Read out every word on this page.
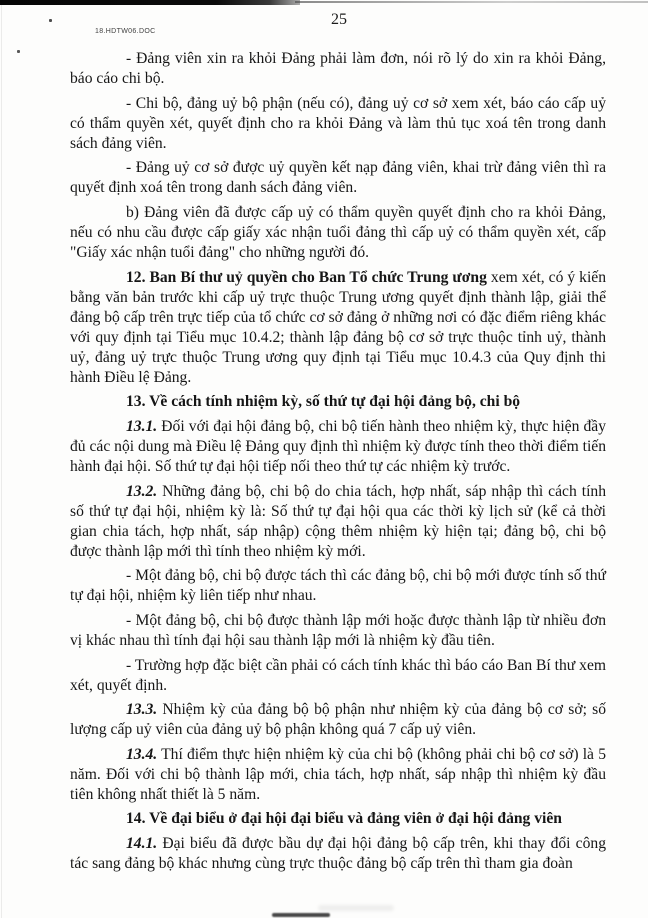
18.HDTW06.DOC
25

- Đảng viên xin ra khỏi Đảng phải làm đơn, nói rõ lý do xin ra khỏi Đảng, báo cáo chi bộ.

- Chi bộ, đảng uỷ bộ phận (nếu có), đảng uỷ cơ sở xem xét, báo cáo cấp uỷ có thẩm quyền xét, quyết định cho ra khỏi Đảng và làm thủ tục xoá tên trong danh sách đảng viên.

- Đảng uỷ cơ sở được uỷ quyền kết nạp đảng viên, khai trừ đảng viên thì ra quyết định xoá tên trong danh sách đảng viên.

b) Đảng viên đã được cấp uỷ có thẩm quyền quyết định cho ra khỏi Đảng, nếu có nhu cầu được cấp giấy xác nhận tuổi đảng thì cấp uỷ có thẩm quyền xét, cấp "Giấy xác nhận tuổi đảng" cho những người đó.

12. Ban Bí thư uỷ quyền cho Ban Tổ chức Trung ương xem xét, có ý kiến bằng văn bản trước khi cấp uỷ trực thuộc Trung ương quyết định thành lập, giải thể đảng bộ cấp trên trực tiếp của tổ chức cơ sở đảng ở những nơi có đặc điểm riêng khác với quy định tại Tiểu mục 10.4.2; thành lập đảng bộ cơ sở trực thuộc tỉnh uỷ, thành uỷ, đảng uỷ trực thuộc Trung ương quy định tại Tiểu mục 10.4.3 của Quy định thi hành Điều lệ Đảng.

13. Về cách tính nhiệm kỳ, số thứ tự đại hội đảng bộ, chi bộ

13.1. Đối với đại hội đảng bộ, chi bộ tiến hành theo nhiệm kỳ, thực hiện đầy đủ các nội dung mà Điều lệ Đảng quy định thì nhiệm kỳ được tính theo thời điểm tiến hành đại hội. Số thứ tự đại hội tiếp nối theo thứ tự các nhiệm kỳ trước.

13.2. Những đảng bộ, chi bộ do chia tách, hợp nhất, sáp nhập thì cách tính số thứ tự đại hội, nhiệm kỳ là: Số thứ tự đại hội qua các thời kỳ lịch sử (kể cả thời gian chia tách, hợp nhất, sáp nhập) cộng thêm nhiệm kỳ hiện tại; đảng bộ, chi bộ được thành lập mới thì tính theo nhiệm kỳ mới.

- Một đảng bộ, chi bộ được tách thì các đảng bộ, chi bộ mới được tính số thứ tự đại hội, nhiệm kỳ liên tiếp như nhau.

- Một đảng bộ, chi bộ được thành lập mới hoặc được thành lập từ nhiều đơn vị khác nhau thì tính đại hội sau thành lập mới là nhiệm kỳ đầu tiên.

- Trường hợp đặc biệt cần phải có cách tính khác thì báo cáo Ban Bí thư xem xét, quyết định.

13.3. Nhiệm kỳ của đảng bộ bộ phận như nhiệm kỳ của đảng bộ cơ sở; số lượng cấp uỷ viên của đảng uỷ bộ phận không quá 7 cấp uỷ viên.

13.4. Thí điểm thực hiện nhiệm kỳ của chi bộ (không phải chi bộ cơ sở) là 5 năm. Đối với chi bộ thành lập mới, chia tách, hợp nhất, sáp nhập thì nhiệm kỳ đầu tiên không nhất thiết là 5 năm.

14. Về đại biểu ở đại hội đại biểu và đảng viên ở đại hội đảng viên

14.1. Đại biểu đã được bầu dự đại hội đảng bộ cấp trên, khi thay đổi công tác sang đảng bộ khác nhưng cùng trực thuộc đảng bộ cấp trên thì tham gia đoàn
